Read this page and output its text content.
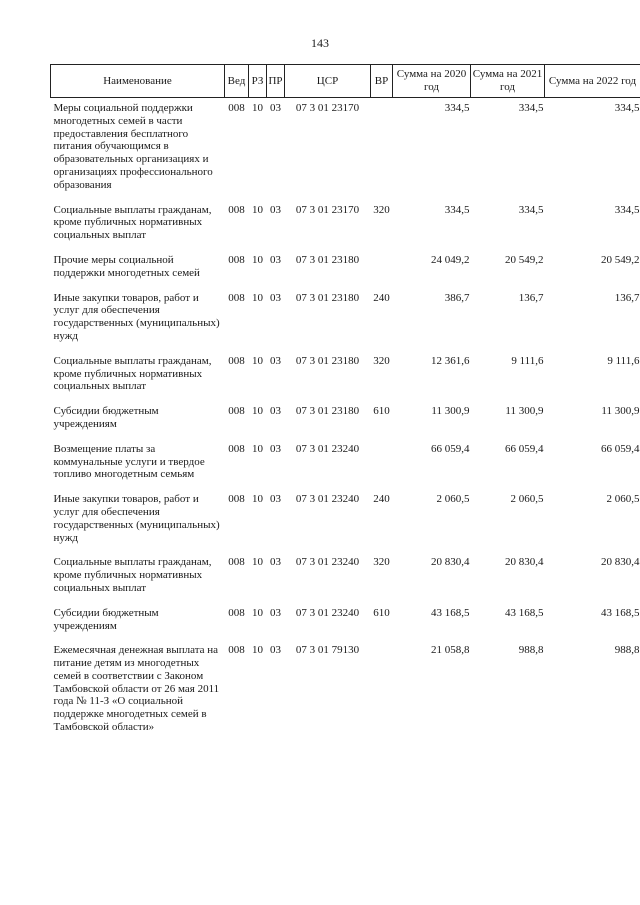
143
Наименование	Вед	РЗ	ПР	ЦСР	ВР	Сумма на 2020 год	Сумма на 2021 год	Сумма на 2022 год
Меры социальной поддержки многодетных семей в части предоставления бесплатного питания обучающимся в образовательных организациях и организациях профессионального образования	008	10	03	07 3 01 23170		334,5	334,5	334,5
Социальные выплаты гражданам, кроме публичных нормативных социальных выплат	008	10	03	07 3 01 23170	320	334,5	334,5	334,5
Прочие меры социальной поддержки многодетных семей	008	10	03	07 3 01 23180		24 049,2	20 549,2	20 549,2
Иные закупки товаров, работ и услуг для обеспечения государственных (муниципальных) нужд	008	10	03	07 3 01 23180	240	386,7	136,7	136,7
Социальные выплаты гражданам, кроме публичных нормативных социальных выплат	008	10	03	07 3 01 23180	320	12 361,6	9 111,6	9 111,6
Субсидии бюджетным учреждениям	008	10	03	07 3 01 23180	610	11 300,9	11 300,9	11 300,9
Возмещение платы за коммунальные услуги и твердое топливо многодетным семьям	008	10	03	07 3 01 23240		66 059,4	66 059,4	66 059,4
Иные закупки товаров, работ и услуг для обеспечения государственных (муниципальных) нужд	008	10	03	07 3 01 23240	240	2 060,5	2 060,5	2 060,5
Социальные выплаты гражданам, кроме публичных нормативных социальных выплат	008	10	03	07 3 01 23240	320	20 830,4	20 830,4	20 830,4
Субсидии бюджетным учреждениям	008	10	03	07 3 01 23240	610	43 168,5	43 168,5	43 168,5
Ежемесячная денежная выплата на питание детям из многодетных семей в соответствии с Законом Тамбовской области от 26 мая 2011 года № 11-З «О социальной поддержке многодетных семей в Тамбовской области»	008	10	03	07 3 01 79130		21 058,8	988,8	988,8
